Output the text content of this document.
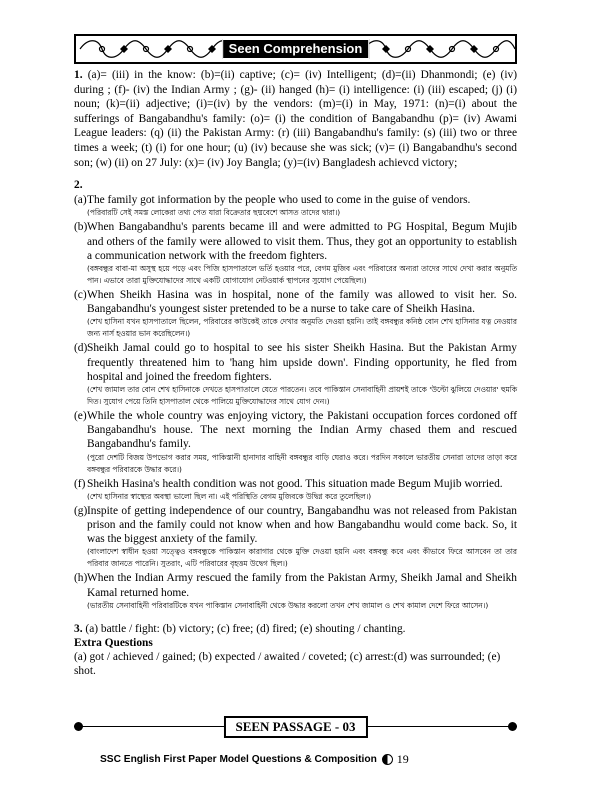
Seen Comprehension

1. (a)= (iii) in the know: (b)=(ii) captive; (c)= (iv) Intelligent; (d)=(ii) Dhanmondi; (e) (iv) during ; (f)- (iv) the Indian Army ; (g)- (ii) hanged (h)= (i) intelligence: (i) (iii) escaped; (j) (i) noun; (k)=(ii) adjective; (i)=(iv) by the vendors: (m)=(i) in May, 1971: (n)=(i) about the sufferings of Bangabandhu's family: (o)= (i) the condition of Bangabandhu (p)= (iv) Awami League leaders: (q) (ii) the Pakistan Army: (r) (iii) Bangabandhu's family: (s) (iii) two or three times a week; (t) (i) for one hour; (u) (iv) because she was sick; (v)= (i) Bangabandhu's second son; (w) (ii) on 27 July: (x)= (iv) Joy Bangla; (y)=(iv) Bangladesh achievcd victory;

2.
(a) The family got information by the people who used to come in the guise of vendors.
(পরিবারটি সেই সমস্ত লোকেরা তথ্য পেত যারা বিক্রেতার ছদ্মবেশে আসত তাদের দ্বারা।)
(b) When Bangabandhu's parents became ill and were admitted to PG Hospital, Begum Mujib and others of the family were allowed to visit them. Thus, they got an opportunity to establish a communication network with the freedom fighters.
(বঙ্গবন্ধুর বাবা-মা অসুস্থ হয়ে পড়ে এবং পিজি হাসপাতালে ভর্তি হওয়ার পরে, বেগম মুজিব এবং পরিবারের অন্যরা তাদের সাথে দেখা করার অনুমতি পান। এভাবে তারা মুক্তিযোদ্ধাদের সাথে একটি যোগাযোগ নেটওয়ার্ক স্থাপনের সুযোগ পেয়েছিল।)
(c) When Sheikh Hasina was in hospital, none of the family was allowed to visit her. So. Bangabandhu's youngest sister pretended to be a nurse to take care of Sheikh Hasina.
(শেখ হাসিনা যখন হাসপাতালে ছিলেন, পরিবারের কাউকেই তাকে দেখার অনুমতি দেওয়া হয়নি। তাই বঙ্গবন্ধুর কনিষ্ঠ বোন শেখ হাসিনার যত্ন নেওয়ার জন্য নার্স হওয়ার ভান করেছিলেন।)
(d) Sheikh Jamal could go to hospital to see his sister Sheikh Hasina. But the Pakistan Army frequently threatened him to 'hang him upside down'. Finding opportunity, he fled from hospital and joined the freedom fighters.
(শেখ জামাল তার বোন শেখ হাসিনাকে দেখতে হাসপাতালে যেতে পারতেন। তবে পাকিস্তান সেনাবাহিনী প্রায়শই তাকে 'উল্টো ঝুলিয়ে দেওয়ার' হুমকি দিত। সুযোগ পেয়ে তিনি হাসপাতাল থেকে পালিয়ে মুক্তিযোদ্ধাদের সাথে যোগ দেন।)
(e) While the whole country was enjoying victory, the Pakistani occupation forces cordoned off Bangabandhu's house. The next morning the Indian Army chased them and rescued Bangabandhu's family.
(পুরো দেশটি বিজয় উপভোগ করার সময়, পাকিস্তানী হানাদার বাহিনী বঙ্গবন্ধুর বাড়ি ঘেরাও করে। পরদিন সকালে ভারতীয় সেনারা তাদের তাড়া করে বঙ্গবন্ধুর পরিবারকে উদ্ধার করে।)
(f) Sheikh Hasina's health condition was not good. This situation made Begum Mujib worried.
(শেখ হাসিনার স্বাস্থ্যের অবস্থা ভালো ছিল না। এই পরিস্থিতি বেগম মুজিবকে উদ্বিগ্ন করে তুলেছিল।)
(g) Inspite of getting independence of our country, Bangabandhu was not released from Pakistan prison and the family could not know when and how Bangabandhu would come back. So, it was the biggest anxiety of the family.
(বাংলাদেশ স্বাধীন হওয়া সত্ত্বেও বঙ্গবন্ধুকে পাকিস্তান কারাগার থেকে মুক্তি দেওয়া হয়নি এবং বঙ্গবন্ধু কবে এবং কীভাবে ফিরে আসবেন তা তার পরিবার জানতে পারেনি। সুতরাং, এটি পরিবারের বৃহত্তম উদ্বেগ ছিল।)
(h) When the Indian Army rescued the family from the Pakistan Army, Sheikh Jamal and Sheikh Kamal returned home.
(ভারতীয় সেনাবাহিনী পরিবারটিকে যখন পাকিস্তান সেনাবাহিনী থেকে উদ্ধার করলো তখন শেখ জামাল ও শেখ কামাল দেশে ফিরে আসেন।)
3. (a) battle / fight: (b) victory; (c) free; (d) fired; (e) shouting / chanting.
Extra Questions
(a) got / achieved / gained; (b) expected / awaited / coveted; (c) arrest:(d) was surrounded; (e) shot.
SEEN PASSAGE - 03
SSC English First Paper Model Questions & Composition 19
